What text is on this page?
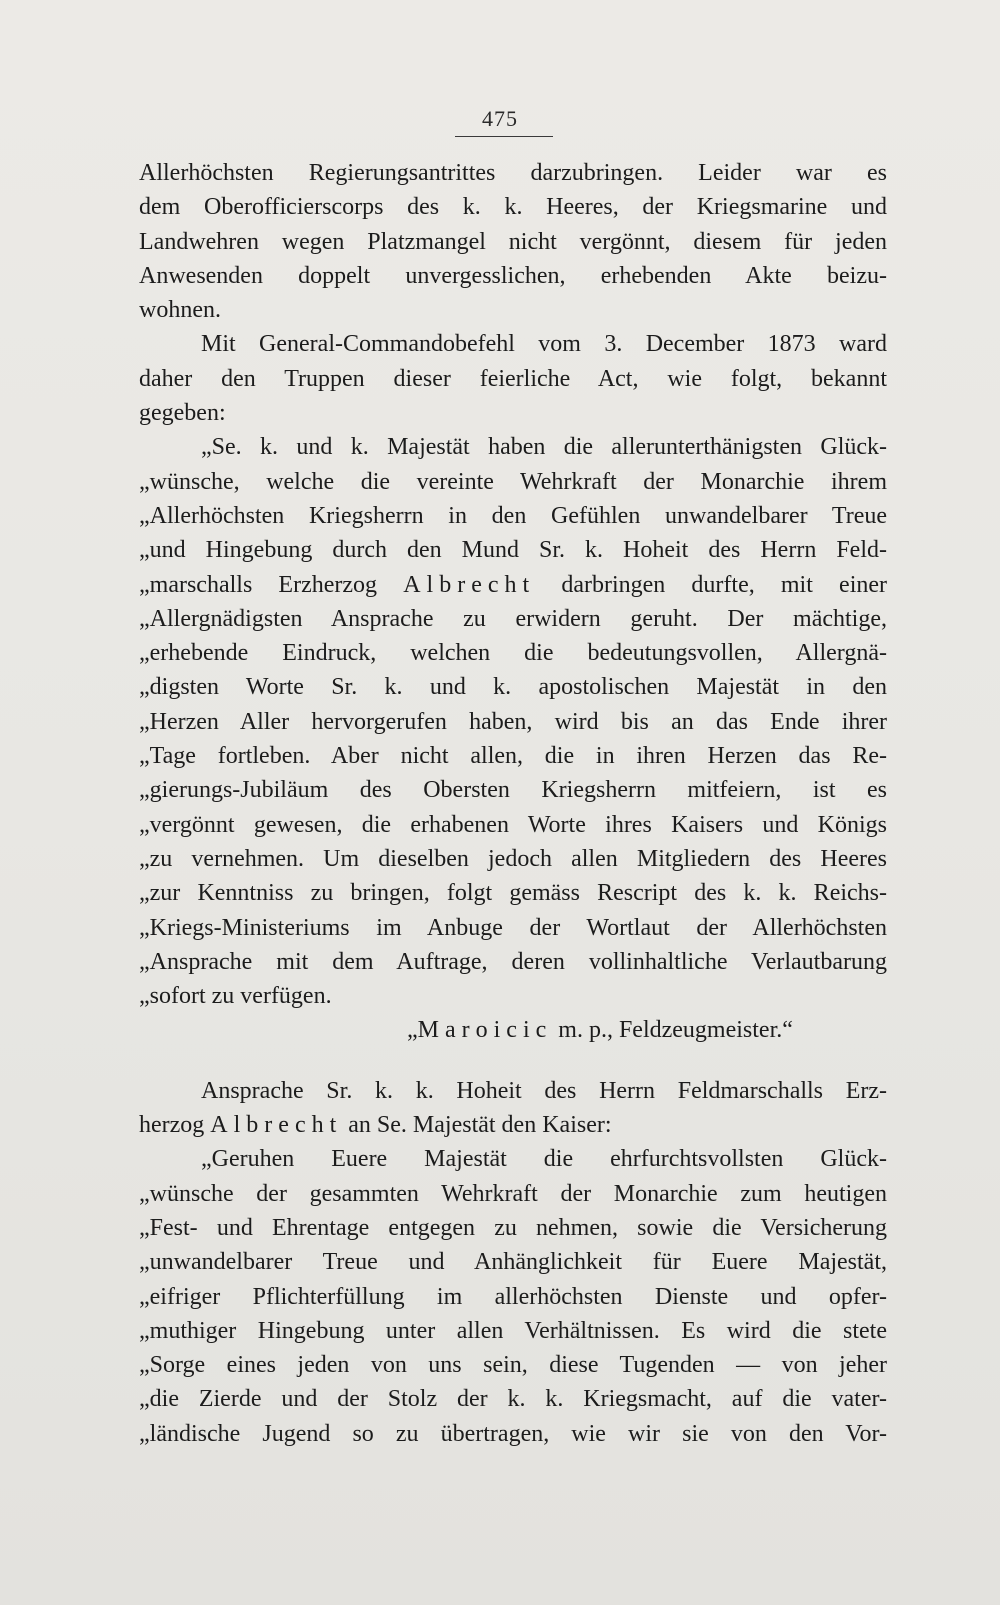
475
Allerhöchsten Regierungsantrittes darzubringen. Leider war es
dem Oberofficierscorps des k. k. Heeres, der Kriegsmarine und
Landwehren wegen Platzmangel nicht vergönnt, diesem für jeden
Anwesenden doppelt unvergesslichen, erhebenden Akte beizu-
wohnen.
Mit General-Commandobefehl vom 3. December 1873 ward
daher den Truppen dieser feierliche Act, wie folgt, bekannt
gegeben:
„Se. k. und k. Majestät haben die allerunterthänigsten Glück-
„wünsche, welche die vereinte Wehrkraft der Monarchie ihrem
„Allerhöchsten Kriegsherrn in den Gefühlen unwandelbarer Treue
„und Hingebung durch den Mund Sr. k. Hoheit des Herrn Feld-
„marschalls Erzherzog Albrecht darbringen durfte, mit einer
„Allergnädigsten Ansprache zu erwidern geruht. Der mächtige,
„erhebende Eindruck, welchen die bedeutungsvollen, Allergnä-
„digsten Worte Sr. k. und k. apostolischen Majestät in den
„Herzen Aller hervorgerufen haben, wird bis an das Ende ihrer
„Tage fortleben. Aber nicht allen, die in ihren Herzen das Re-
„gierungs-Jubiläum des Obersten Kriegsherrn mitfeiern, ist es
„vergönnt gewesen, die erhabenen Worte ihres Kaisers und Königs
„zu vernehmen. Um dieselben jedoch allen Mitgliedern des Heeres
„zur Kenntniss zu bringen, folgt gemäss Rescript des k. k. Reichs-
„Kriegs-Ministeriums im Anbuge der Wortlaut der Allerhöchsten
„Ansprache mit dem Auftrage, deren vollinhaltliche Verlautbarung
„sofort zu verfügen.
„Maroicic m. p., Feldzeugmeister.“
Ansprache Sr. k. k. Hoheit des Herrn Feldmarschalls Erz-
herzog Albrecht an Se. Majestät den Kaiser:
„Geruhen Euere Majestät die ehrfurchtsvollsten Glück-
„wünsche der gesammten Wehrkraft der Monarchie zum heutigen
„Fest- und Ehrentage entgegen zu nehmen, sowie die Versicherung
„unwandelbarer Treue und Anhänglichkeit für Euere Majestät,
„eifriger Pflichterfüllung im allerhöchsten Dienste und opfer-
„muthiger Hingebung unter allen Verhältnissen. Es wird die stete
„Sorge eines jeden von uns sein, diese Tugenden — von jeher
„die Zierde und der Stolz der k. k. Kriegsmacht, auf die vater-
„ländische Jugend so zu übertragen, wie wir sie von den Vor-
